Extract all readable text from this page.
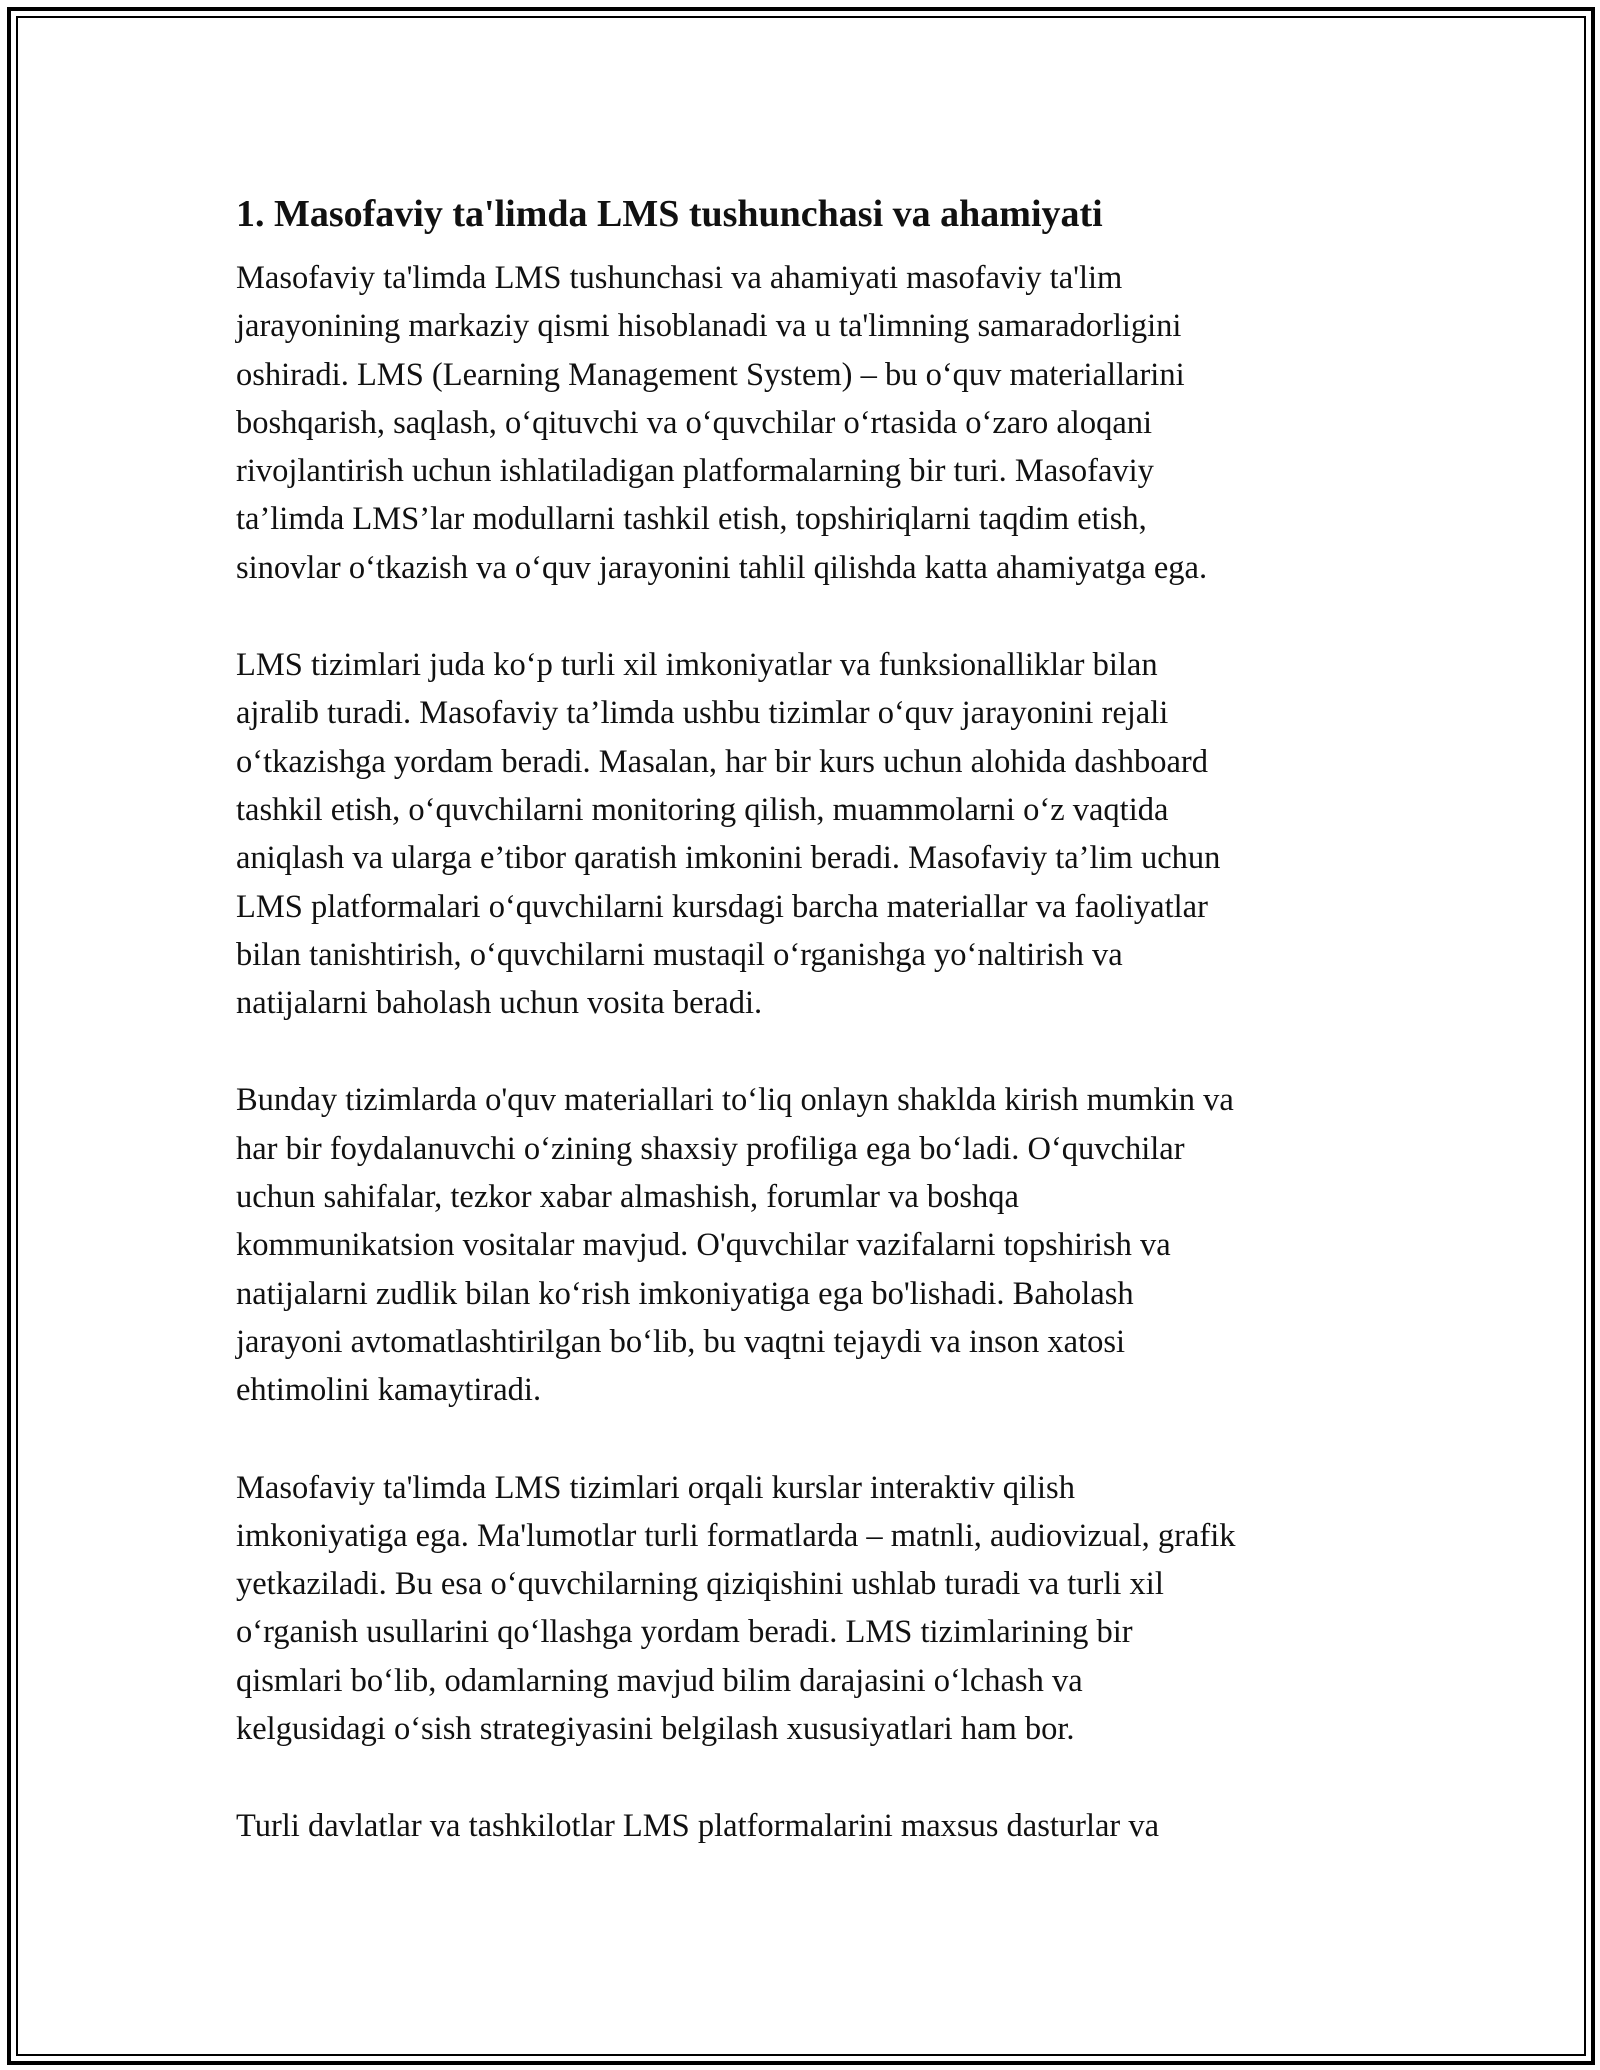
1. Masofaviy ta'limda LMS tushunchasi va ahamiyati

Masofaviy ta'limda LMS tushunchasi va ahamiyati masofaviy ta'lim
jarayonining markaziy qismi hisoblanadi va u ta'limning samaradorligini
oshiradi. LMS (Learning Management System) – bu o‘quv materiallarini
boshqarish, saqlash, o‘qituvchi va o‘quvchilar o‘rtasida o‘zaro aloqani
rivojlantirish uchun ishlatiladigan platformalarning bir turi. Masofaviy
ta’limda LMS’lar modullarni tashkil etish, topshiriqlarni taqdim etish,
sinovlar o‘tkazish va o‘quv jarayonini tahlil qilishda katta ahamiyatga ega.

LMS tizimlari juda ko‘p turli xil imkoniyatlar va funksionalliklar bilan
ajralib turadi. Masofaviy ta’limda ushbu tizimlar o‘quv jarayonini rejali
o‘tkazishga yordam beradi. Masalan, har bir kurs uchun alohida dashboard
tashkil etish, o‘quvchilarni monitoring qilish, muammolarni o‘z vaqtida
aniqlash va ularga e’tibor qaratish imkonini beradi. Masofaviy ta’lim uchun
LMS platformalari o‘quvchilarni kursdagi barcha materiallar va faoliyatlar
bilan tanishtirish, o‘quvchilarni mustaqil o‘rganishga yo‘naltirish va
natijalarni baholash uchun vosita beradi.

Bunday tizimlarda o'quv materiallari to‘liq onlayn shaklda kirish mumkin va
har bir foydalanuvchi o‘zining shaxsiy profiliga ega bo‘ladi. O‘quvchilar
uchun sahifalar, tezkor xabar almashish, forumlar va boshqa
kommunikatsion vositalar mavjud. O'quvchilar vazifalarni topshirish va
natijalarni zudlik bilan ko‘rish imkoniyatiga ega bo'lishadi. Baholash
jarayoni avtomatlashtirilgan bo‘lib, bu vaqtni tejaydi va inson xatosi
ehtimolini kamaytiradi.

Masofaviy ta'limda LMS tizimlari orqali kurslar interaktiv qilish
imkoniyatiga ega. Ma'lumotlar turli formatlarda – matnli, audiovizual, grafik
yetkaziladi. Bu esa o‘quvchilarning qiziqishini ushlab turadi va turli xil
o‘rganish usullarini qo‘llashga yordam beradi. LMS tizimlarining bir
qismlari bo‘lib, odamlarning mavjud bilim darajasini o‘lchash va
kelgusidagi o‘sish strategiyasini belgilash xususiyatlari ham bor.

Turli davlatlar va tashkilotlar LMS platformalarini maxsus dasturlar va
